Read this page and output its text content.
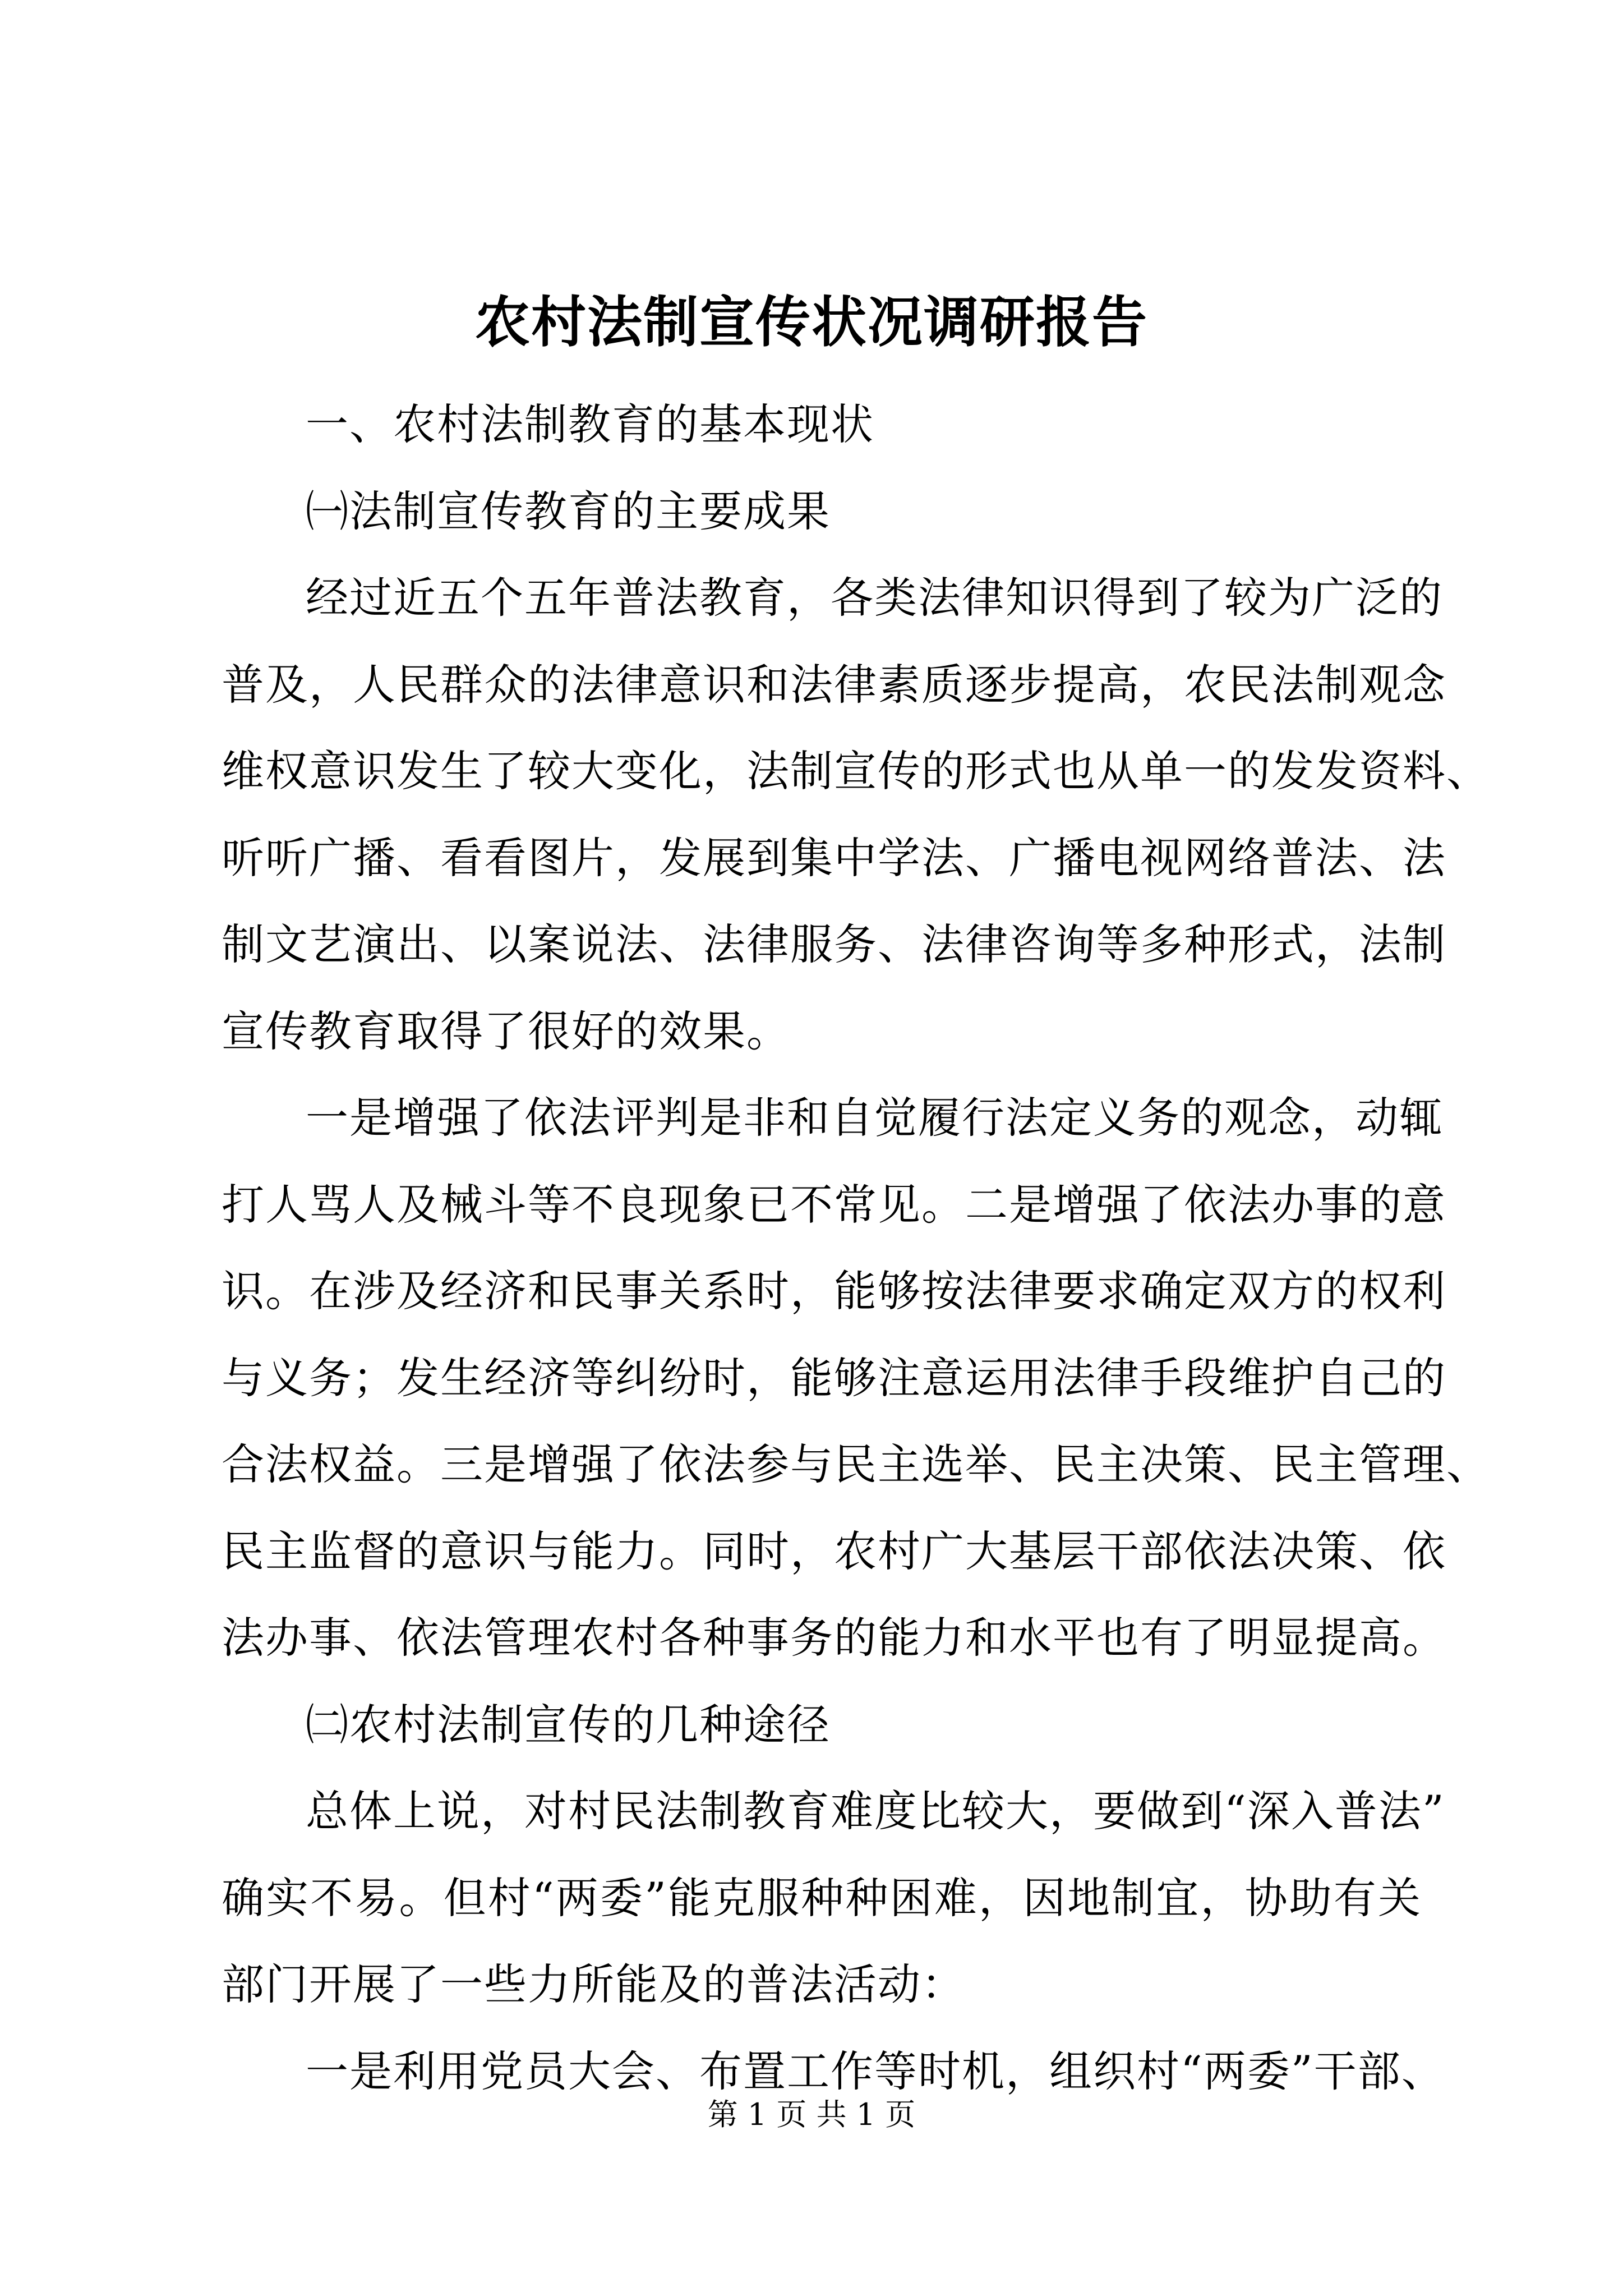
农村法制宣传状况调研报告
一、农村法制教育的基本现状
㈠法制宣传教育的主要成果
经过近五个五年普法教育，各类法律知识得到了较为广泛的
普及，人民群众的法律意识和法律素质逐步提高，农民法制观念
维权意识发生了较大变化，法制宣传的形式也从单一的发发资料、
听听广播、看看图片，发展到集中学法、广播电视网络普法、法
制文艺演出、以案说法、法律服务、法律咨询等多种形式，法制
宣传教育取得了很好的效果。
一是增强了依法评判是非和自觉履行法定义务的观念，动辄
打人骂人及械斗等不良现象已不常见。二是增强了依法办事的意
识。在涉及经济和民事关系时，能够按法律要求确定双方的权利
与义务；发生经济等纠纷时，能够注意运用法律手段维护自己的
合法权益。三是增强了依法参与民主选举、民主决策、民主管理、
民主监督的意识与能力。同时，农村广大基层干部依法决策、依
法办事、依法管理农村各种事务的能力和水平也有了明显提高。
㈡农村法制宣传的几种途径
总体上说，对村民法制教育难度比较大，要做到“深入普法”
确实不易。但村“两委”能克服种种困难，因地制宜，协助有关
部门开展了一些力所能及的普法活动：
一是利用党员大会、布置工作等时机，组织村“两委”干部、
第 1 页 共 1 页
